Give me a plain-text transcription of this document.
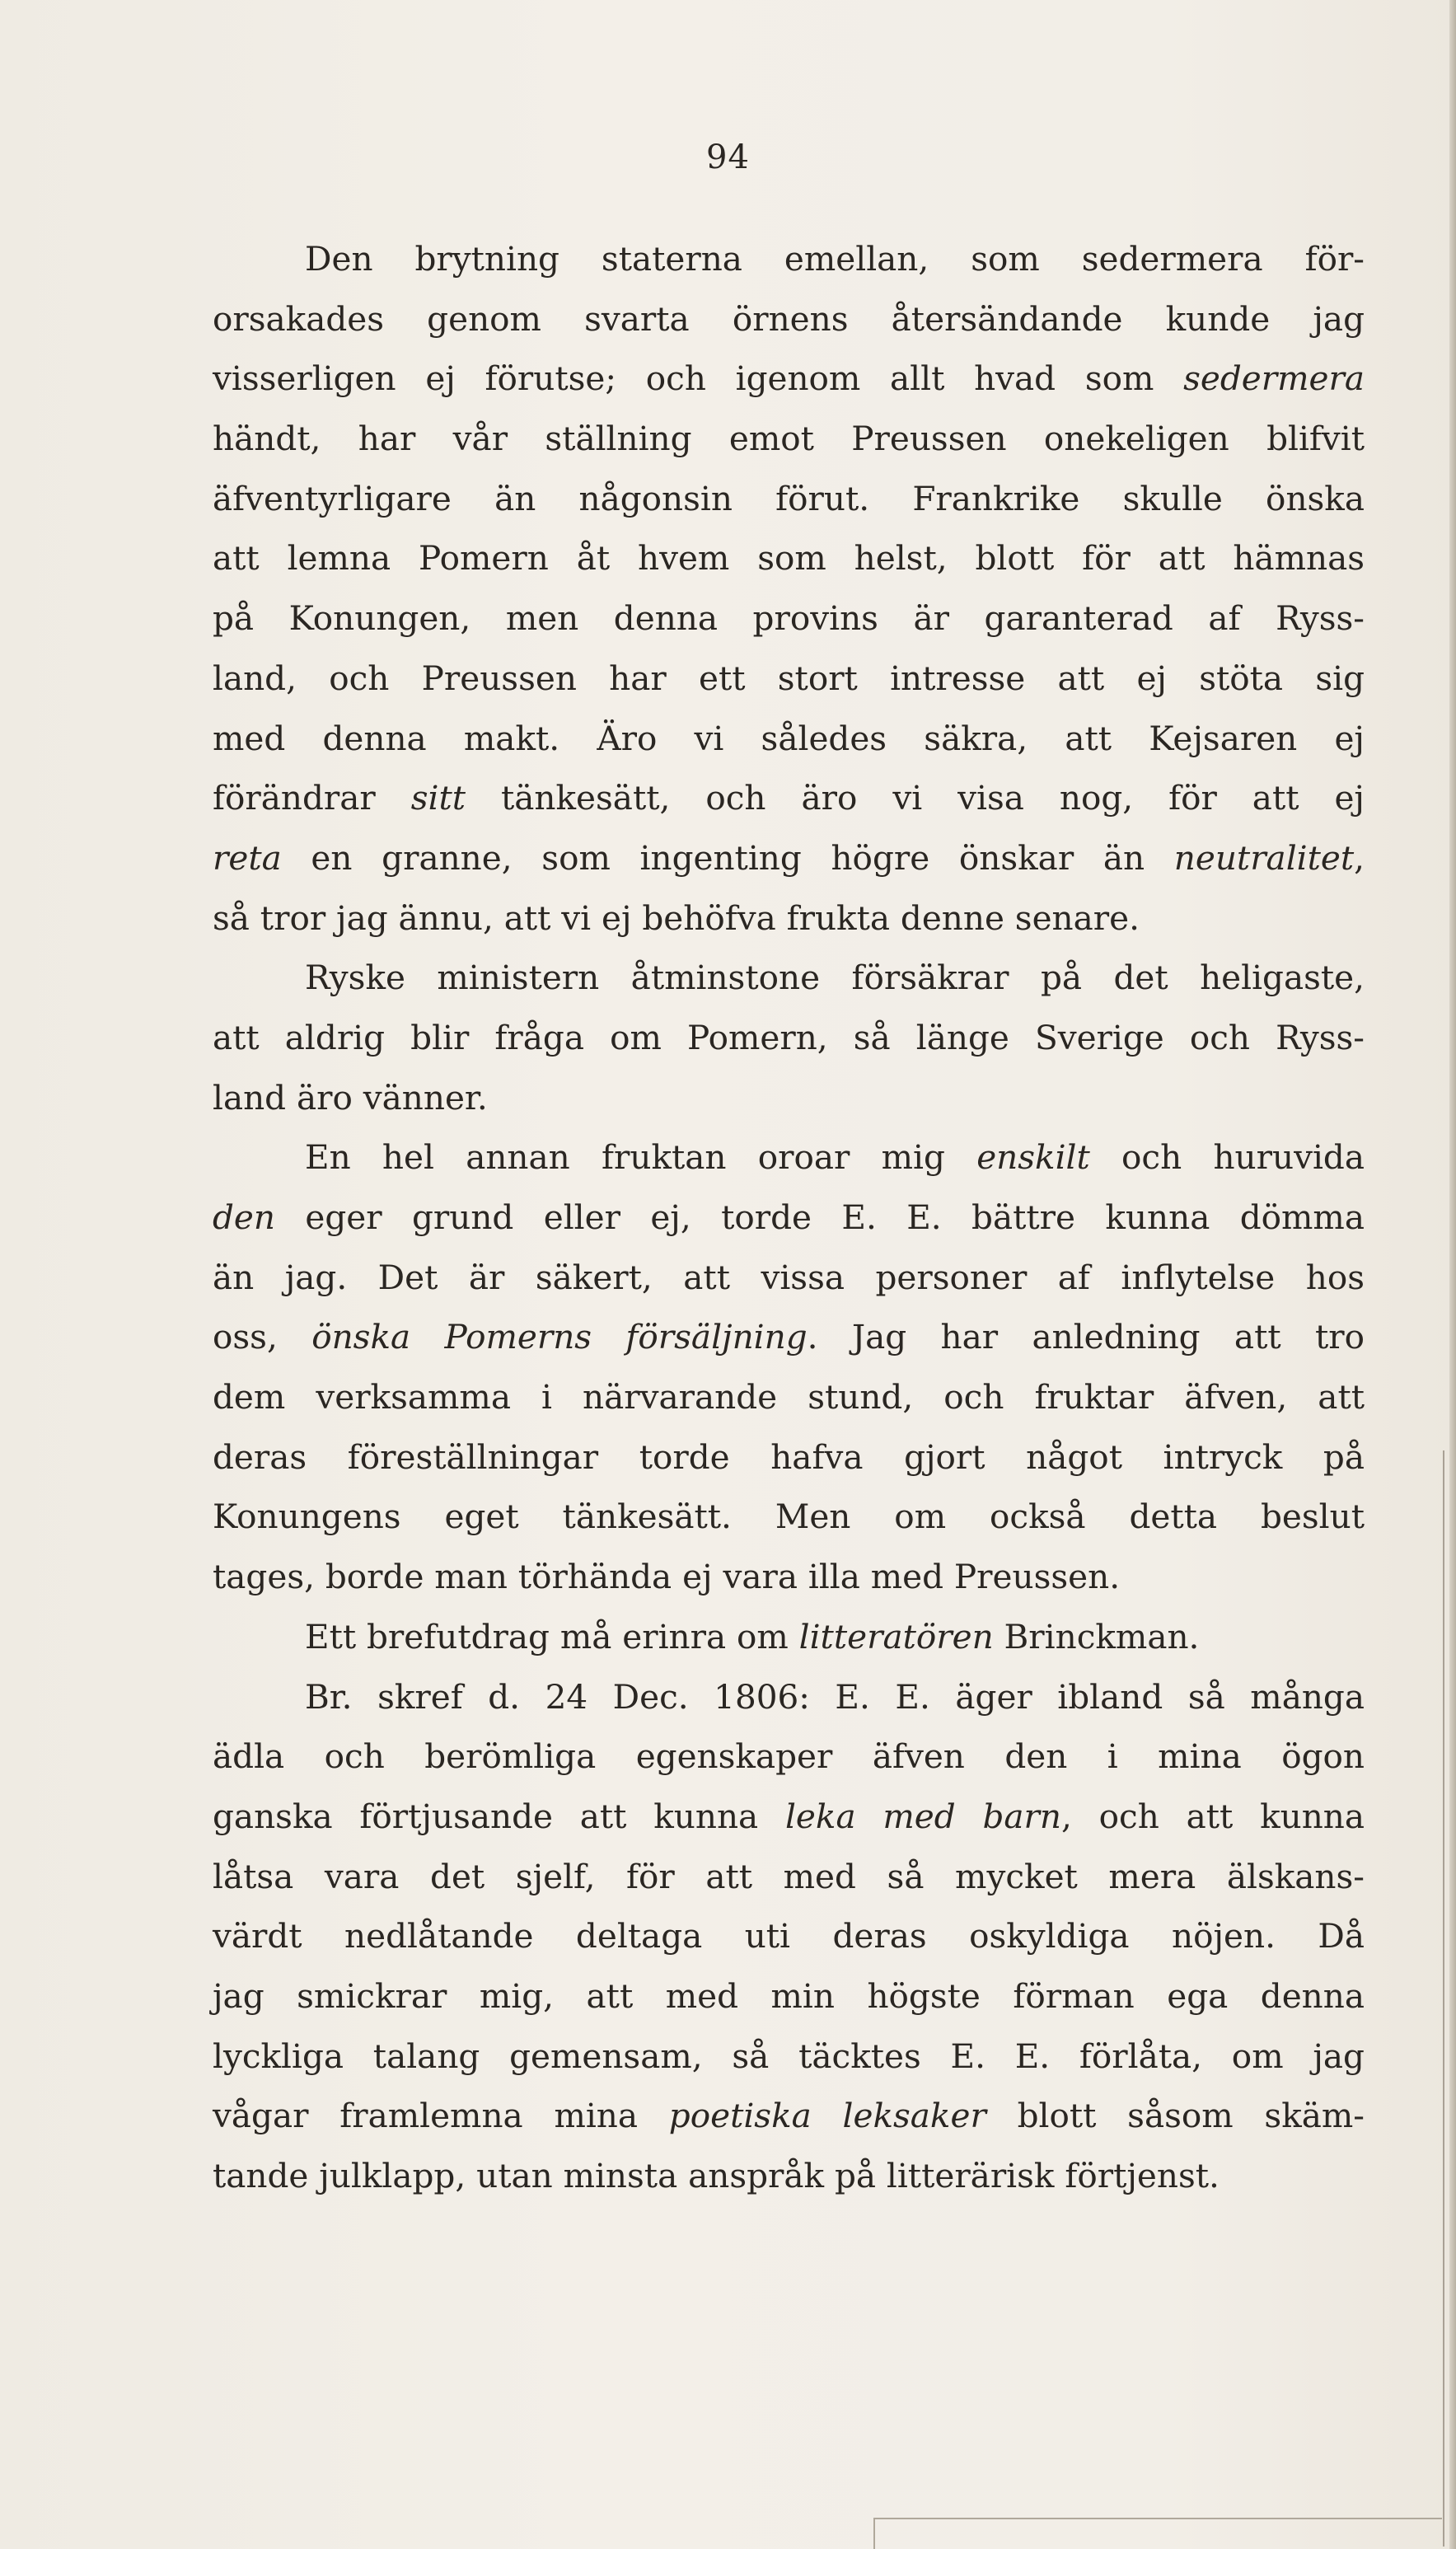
94
Den brytning staterna emellan, som sedermera för-
orsakades genom svarta örnens återsändande kunde jag
visserligen ej förutse; och igenom allt hvad som sedermera
händt, har vår ställning emot Preussen onekeligen blifvit
äfventyrligare än någonsin förut. Frankrike skulle önska
att lemna Pomern åt hvem som helst, blott för att hämnas
på Konungen, men denna provins är garanterad af Ryss-
land, och Preussen har ett stort intresse att ej stöta sig
med denna makt. Äro vi således säkra, att Kejsaren ej
förändrar sitt tänkesätt, och äro vi visa nog, för att ej
reta en granne, som ingenting högre önskar än neutralitet,
så tror jag ännu, att vi ej behöfva frukta denne senare.
Ryske ministern åtminstone försäkrar på det heligaste,
att aldrig blir fråga om Pomern, så länge Sverige och Ryss-
land äro vänner.
En hel annan fruktan oroar mig enskilt och huruvida
den eger grund eller ej, torde E. E. bättre kunna dömma
än jag. Det är säkert, att vissa personer af inflytelse hos
oss, önska Pomerns försäljning. Jag har anledning att tro
dem verksamma i närvarande stund, och fruktar äfven, att
deras föreställningar torde hafva gjort något intryck på
Konungens eget tänkesätt. Men om också detta beslut
tages, borde man törhända ej vara illa med Preussen.
Ett brefutdrag må erinra om litteratören Brinckman.
Br. skref d. 24 Dec. 1806: E. E. äger ibland så många
ädla och berömliga egenskaper äfven den i mina ögon
ganska förtjusande att kunna leka med barn, och att kunna
låtsa vara det sjelf, för att med så mycket mera älskans-
värdt nedlåtande deltaga uti deras oskyldiga nöjen. Då
jag smickrar mig, att med min högste förman ega denna
lyckliga talang gemensam, så täcktes E. E. förlåta, om jag
vågar framlemna mina poetiska leksaker blott såsom skäm-
tande julklapp, utan minsta anspråk på litterärisk förtjenst.
